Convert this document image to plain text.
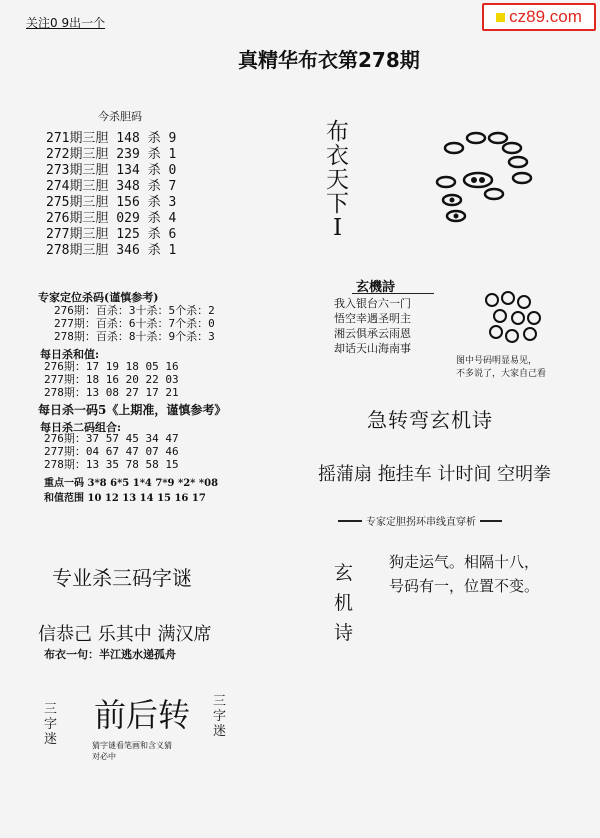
cz89.com
关注0 9出一个
真精华布衣第278期
今杀胆码
271期三胆 148 杀 9
272期三胆 239 杀 1
273期三胆 134 杀 0
274期三胆 348 杀 7
275期三胆 156 杀 3
276期三胆 029 杀 4
277期三胆 125 杀 6
278期三胆 346 杀 1
专家定位杀码(谨慎参考)
276期：百杀：3十杀：5个杀：2
277期：百杀：6十杀：7个杀：0
278期：百杀：8十杀：9个杀：3
每日杀和值:
276期：17 19 18 05 16
277期：18 16 20 22 03
278期：13 08 27 17 21
每日杀一码5《上期准，谨慎参考》
每日杀二码组合:
276期：37 57 45 34 47
277期：04 67 47 07 46
278期：13 35 78 58 15
重点一码 3*8 6*5 1*4 7*9 *2* *08
和值范围 10 12 13 14 15 16 17
专业杀三码字谜
信恭己 乐其中 满汉席
布衣一句：半江逃水递孤舟
三
字
迷
前后转 三
字
迷
猜字谜看笔画和含义猜
对必中
布
衣
天
下
I
玄機詩
我入银台六一门
悟空幸遇圣明主
湘云俱承云雨恩
却话天山海南事
图中号码明显易见，
不多说了，大家自己看
急转弯玄机诗
摇蒲扇 拖挂车 计时间 空明拳
专家定胆拐环串线直穿析
玄
机
诗
狗走运气。相隔十八，
号码有一，位置不变。
